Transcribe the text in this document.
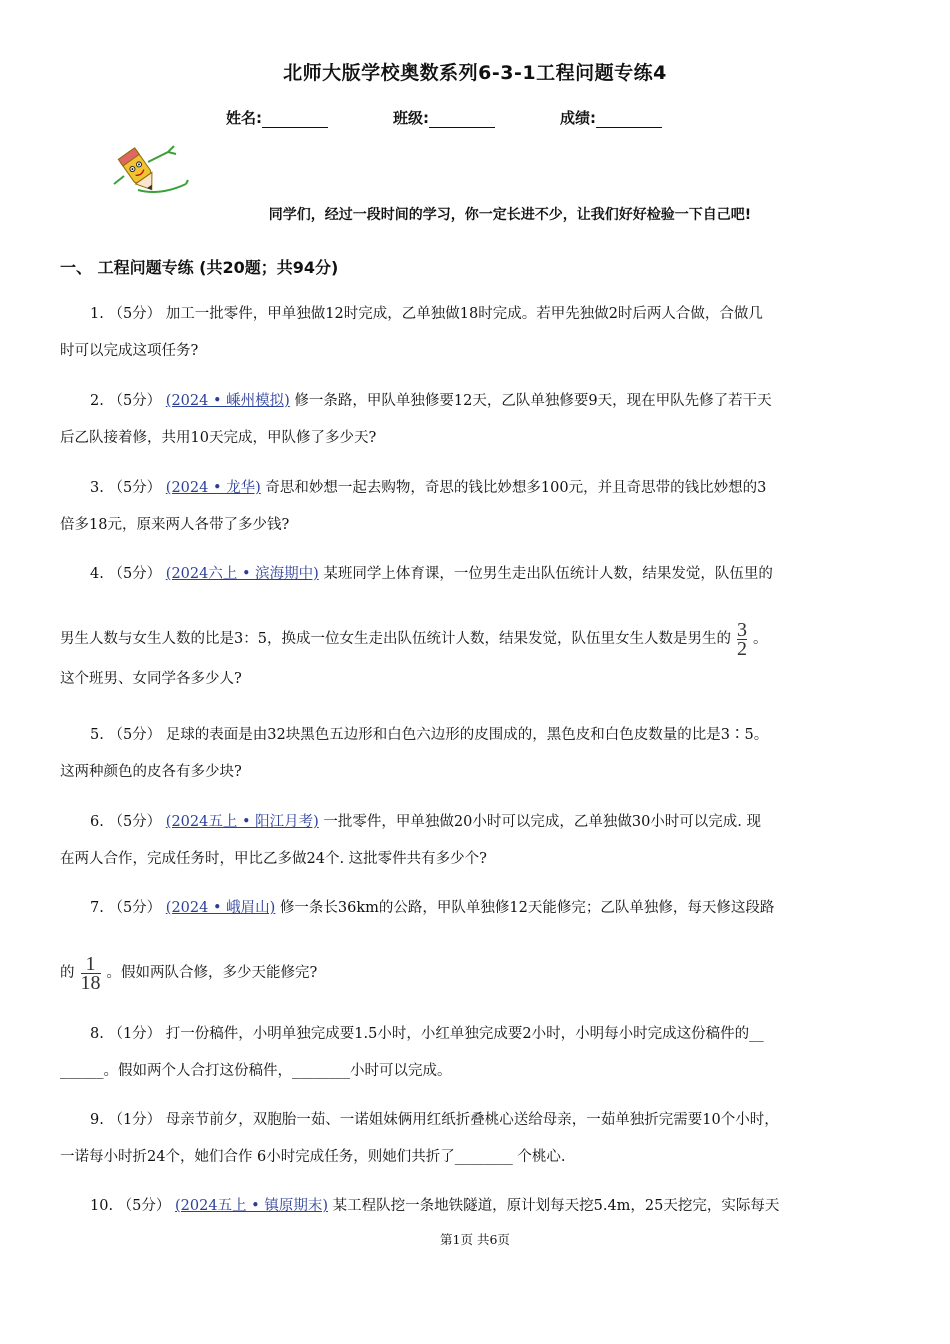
北师大版学校奥数系列6-3-1工程问题专练4
姓名:	班级:	成绩:
同学们，经过一段时间的学习，你一定长进不少，让我们好好检验一下自己吧!
一、 工程问题专练 (共20题；共94分)
1. （5分） 加工一批零件，甲单独做12时完成，乙单独做18时完成。若甲先独做2时后两人合做，合做几
时可以完成这项任务?
2. （5分） (2024 • 嵊州模拟) 修一条路，甲队单独修要12天，乙队单独修要9天，现在甲队先修了若干天
后乙队接着修，共用10天完成，甲队修了多少天?
3. （5分） (2024 • 龙华) 奇思和妙想一起去购物，奇思的钱比妙想多100元，并且奇思带的钱比妙想的3
倍多18元，原来两人各带了多少钱?
4. （5分） (2024六上 • 滨海期中) 某班同学上体育课，一位男生走出队伍统计人数，结果发觉，队伍里的
男生人数与女生人数的比是3：5，换成一位女生走出队伍统计人数，结果发觉，队伍里女生人数是男生的 $\frac{3}{2}$ 。
这个班男、女同学各多少人?
5. （5分） 足球的表面是由32块黑色五边形和白色六边形的皮围成的，黑色皮和白色皮数量的比是3∶5。
这两种颜色的皮各有多少块?
6. （5分） (2024五上 • 阳江月考) 一批零件，甲单独做20小时可以完成，乙单独做30小时可以完成. 现
在两人合作，完成任务时，甲比乙多做24个. 这批零件共有多少个?
7. （5分） (2024 • 峨眉山) 修一条长36km的公路，甲队单独修12天能修完；乙队单独修，每天修这段路
的 $\frac{1}{18}$ 。假如两队合修，多少天能修完?
8. （1分） 打一份稿件，小明单独完成要1.5小时，小红单独完成要2小时，小明每小时完成这份稿件的__
______。假如两个人合打这份稿件，________小时可以完成。
9. （1分） 母亲节前夕，双胞胎一茹、一诺姐妹俩用红纸折叠桃心送给母亲，一茹单独折完需要10个小时，
一诺每小时折24个，她们合作 6小时完成任务，则她们共折了________ 个桃心.
10. （5分） (2024五上 • 镇原期末) 某工程队挖一条地铁隧道，原计划每天挖5.4m，25天挖完，实际每天
第1页 共6页
